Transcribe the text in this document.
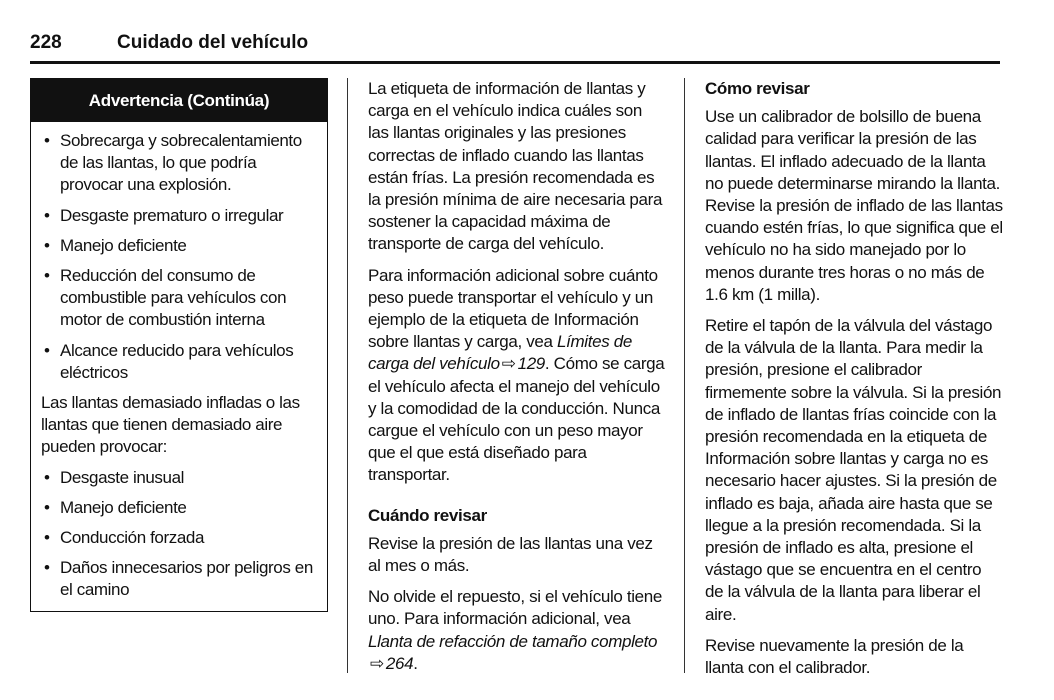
228	Cuidado del vehículo
Advertencia (Continúa)
• Sobrecarga y sobrecalentamiento de las llantas, lo que podría provocar una explosión.
• Desgaste prematuro o irregular
• Manejo deficiente
• Reducción del consumo de combustible para vehículos con motor de combustión interna
• Alcance reducido para vehículos eléctricos

Las llantas demasiado infladas o las llantas que tienen demasiado aire pueden provocar:

• Desgaste inusual
• Manejo deficiente
• Conducción forzada
• Daños innecesarios por peligros en el camino

La etiqueta de información de llantas y carga en el vehículo indica cuáles son las llantas originales y las presiones correctas de inflado cuando las llantas están frías. La presión recomendada es la presión mínima de aire necesaria para sostener la capacidad máxima de transporte de carga del vehículo.

Para información adicional sobre cuánto peso puede transportar el vehículo y un ejemplo de la etiqueta de Información sobre llantas y carga, vea Límites de carga del vehículo ⇨ 129. Cómo se carga el vehículo afecta el manejo del vehículo y la comodidad de la conducción. Nunca cargue el vehículo con un peso mayor que el que está diseñado para transportar.

Cuándo revisar

Revise la presión de las llantas una vez al mes o más.

No olvide el repuesto, si el vehículo tiene uno. Para información adicional, vea Llanta de refacción de tamaño completo ⇨ 264.

Cómo revisar

Use un calibrador de bolsillo de buena calidad para verificar la presión de las llantas. El inflado adecuado de la llanta no puede determinarse mirando la llanta. Revise la presión de inflado de las llantas cuando estén frías, lo que significa que el vehículo no ha sido manejado por lo menos durante tres horas o no más de 1.6 km (1 milla).

Retire el tapón de la válvula del vástago de la válvula de la llanta. Para medir la presión, presione el calibrador firmemente sobre la válvula. Si la presión de inflado de llantas frías coincide con la presión recomendada en la etiqueta de Información sobre llantas y carga no es necesario hacer ajustes. Si la presión de inflado es baja, añada aire hasta que se llegue a la presión recomendada. Si la presión de inflado es alta, presione el vástago que se encuentra en el centro de la válvula de la llanta para liberar el aire.

Revise nuevamente la presión de la llanta con el calibrador.
